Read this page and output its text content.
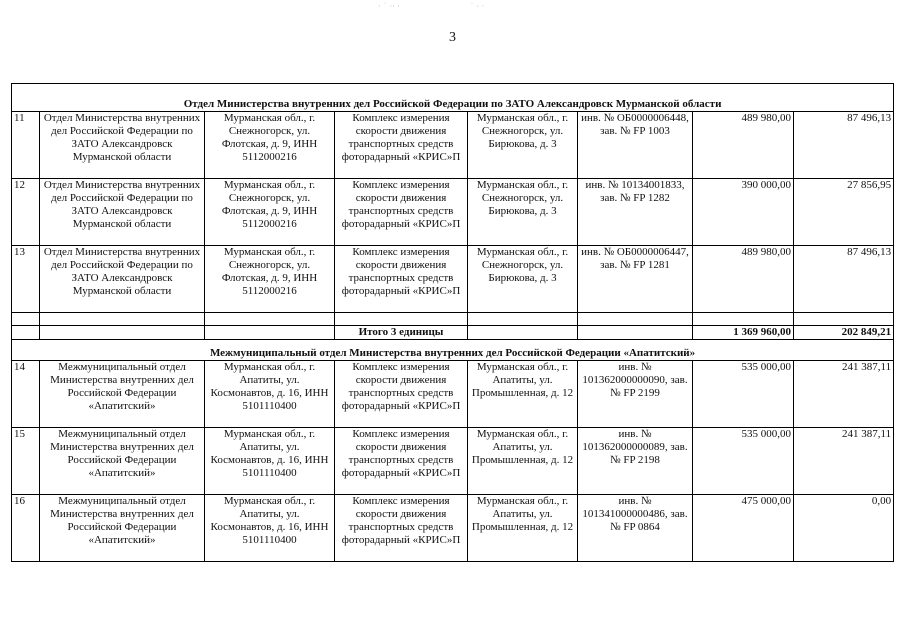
· ˙ ·· ·	˙ · ·
3
Отдел Министерства внутренних дел Российской Федерации по ЗАТО Александровск Мурманской области							
11	Отдел Министерства внутренних дел Российской Федерации по ЗАТО Александровск Мурманской области	Мурманская обл., г. Снежногорск, ул. Флотская, д. 9, ИНН 5112000216	Комплекс измерения скорости движения транспортных средств фоторадарный «КРИС»П	Мурманская обл., г. Снежногорск, ул. Бирюкова, д. 3	инв. № ОБ0000006448, зав. № FP 1003	489 980,00	87 496,13
12	Отдел Министерства внутренних дел Российской Федерации по ЗАТО Александровск Мурманской области	Мурманская обл., г. Снежногорск, ул. Флотская, д. 9, ИНН 5112000216	Комплекс измерения скорости движения транспортных средств фоторадарный «КРИС»П	Мурманская обл., г. Снежногорск, ул. Бирюкова, д. 3	инв. № 10134001833, зав. № FP 1282	390 000,00	27 856,95
13	Отдел Министерства внутренних дел Российской Федерации по ЗАТО Александровск Мурманской области	Мурманская обл., г. Снежногорск, ул. Флотская, д. 9, ИНН 5112000216	Комплекс измерения скорости движения транспортных средств фоторадарный «КРИС»П	Мурманская обл., г. Снежногорск, ул. Бирюкова, д. 3	инв. № ОБ0000006447, зав. № FP 1281	489 980,00	87 496,13

			Итого 3 единицы			1 369 960,00	202 849,21
Межмуниципальный отдел Министерства внутренних дел Российской Федерации «Апатитский»							
14	Межмуниципальный отдел Министерства внутренних дел Российской Федерации «Апатитский»	Мурманская обл., г. Апатиты, ул. Космонавтов, д. 16, ИНН 5101110400	Комплекс измерения скорости движения транспортных средств фоторадарный «КРИС»П	Мурманская обл., г. Апатиты, ул. Промышленная, д. 12	инв. № 101362000000090, зав. № FP 2199	535 000,00	241 387,11
15	Межмуниципальный отдел Министерства внутренних дел Российской Федерации «Апатитский»	Мурманская обл., г. Апатиты, ул. Космонавтов, д. 16, ИНН 5101110400	Комплекс измерения скорости движения транспортных средств фоторадарный «КРИС»П	Мурманская обл., г. Апатиты, ул. Промышленная, д. 12	инв. № 101362000000089, зав. № FP 2198	535 000,00	241 387,11
16	Межмуниципальный отдел Министерства внутренних дел Российской Федерации «Апатитский»	Мурманская обл., г. Апатиты, ул. Космонавтов, д. 16, ИНН 5101110400	Комплекс измерения скорости движения транспортных средств фоторадарный «КРИС»П	Мурманская обл., г. Апатиты, ул. Промышленная, д. 12	инв. № 101341000000486, зав. № FP 0864	475 000,00	0,00
